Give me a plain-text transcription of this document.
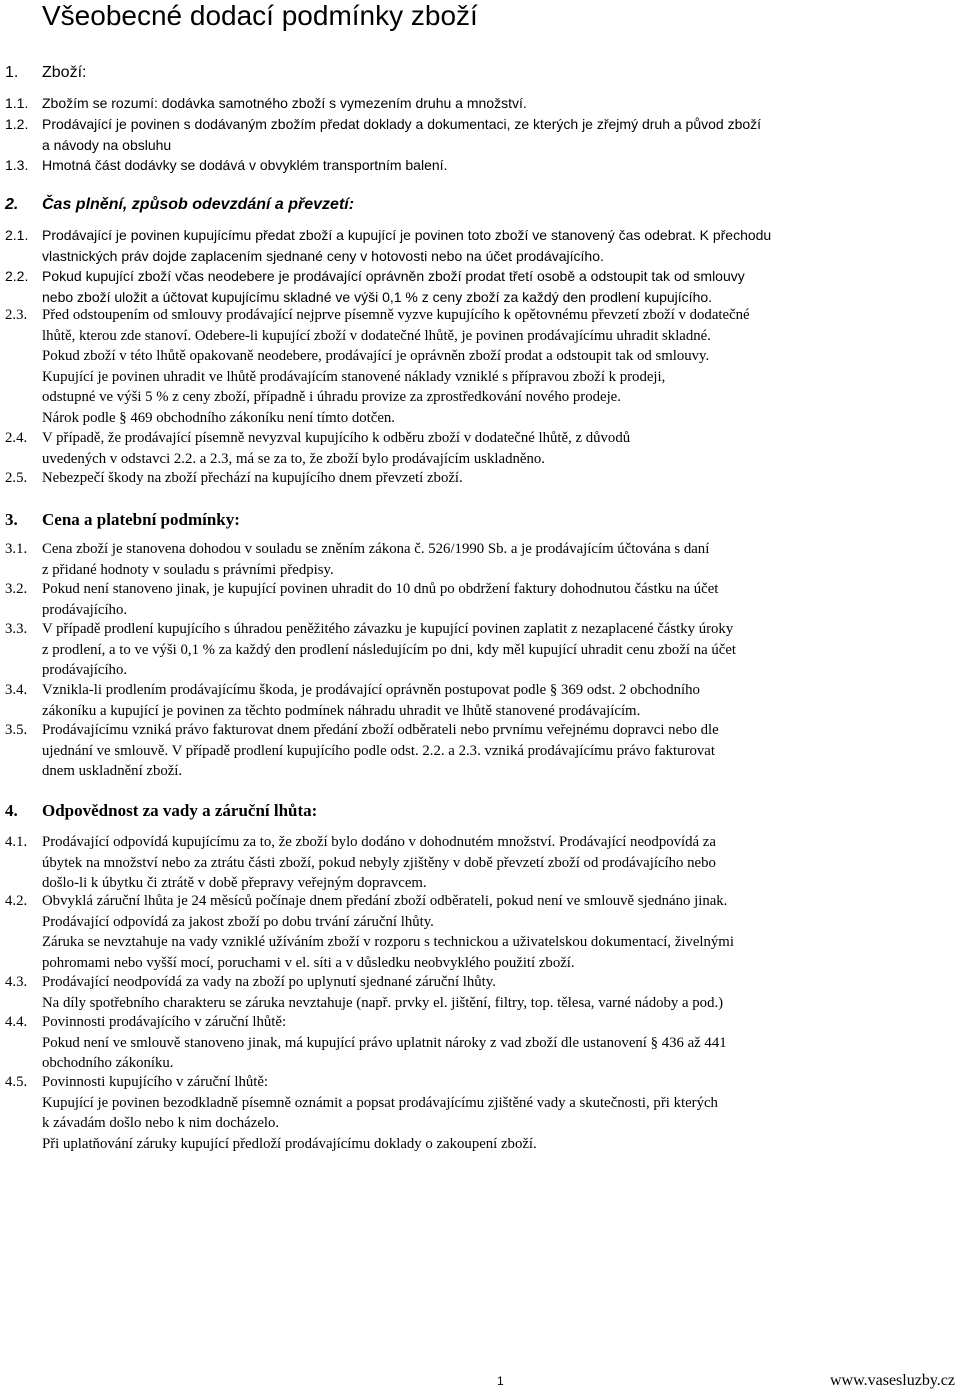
Všeobecné dodací podmínky zboží
1. Zboží:
1.1. Zbožím se rozumí: dodávka samotného zboží s vymezením druhu a množství.
1.2. Prodávající je povinen s dodávaným zbožím předat doklady a dokumentaci, ze kterých je zřejmý druh a původ zboží
a návody na obsluhu
1.3. Hmotná část dodávky se dodává v obvyklém transportním balení.
2. Čas plnění, způsob odevzdání a převzetí:
2.1. Prodávající je povinen kupujícímu předat zboží a kupující je povinen toto zboží ve stanovený čas odebrat. K přechodu
vlastnických práv dojde zaplacením sjednané ceny v hotovosti nebo na účet prodávajícího.
2.2. Pokud kupující zboží včas neodebere je prodávající oprávněn zboží prodat třetí osobě a odstoupit tak od smlouvy
nebo zboží uložit a účtovat kupujícímu skladné ve výši 0,1 % z ceny zboží za každý den prodlení kupujícího.
2.3. Před odstoupením od smlouvy prodávající nejprve písemně vyzve kupujícího k opětovnému převzetí zboží v dodatečné
lhůtě, kterou zde stanoví. Odebere-li kupující zboží v dodatečné lhůtě, je povinen prodávajícímu uhradit skladné.
Pokud zboží v této lhůtě opakovaně neodebere, prodávající je oprávněn zboží prodat a odstoupit tak od smlouvy.
Kupující je povinen uhradit ve lhůtě prodávajícím stanovené náklady vzniklé s přípravou zboží k prodeji,
odstupné ve výši 5 % z ceny zboží, případně i úhradu provize za zprostředkování nového prodeje.
Nárok podle § 469 obchodního zákoníku není tímto dotčen.
2.4. V případě, že prodávající písemně nevyzval kupujícího k odběru zboží v dodatečné lhůtě, z důvodů
uvedených v odstavci 2.2. a 2.3, má se za to, že zboží bylo prodávajícím uskladněno.
2.5. Nebezpečí škody na zboží přechází na kupujícího dnem převzetí zboží.
3. Cena a platební podmínky:
3.1. Cena zboží je stanovena dohodou v souladu se zněním zákona č. 526/1990 Sb. a je prodávajícím účtována s daní
z přidané hodnoty v souladu s právními předpisy.
3.2. Pokud není stanoveno jinak, je kupující povinen uhradit do 10 dnů po obdržení faktury dohodnutou částku na účet
prodávajícího.
3.3. V případě prodlení kupujícího s úhradou peněžitého závazku je kupující povinen zaplatit z nezaplacené částky úroky
z prodlení, a to ve výši 0,1 % za každý den prodlení následujícím po dni, kdy měl kupující uhradit cenu zboží na účet
prodávajícího.
3.4. Vznikla-li prodlením prodávajícímu škoda, je prodávající oprávněn postupovat podle § 369 odst. 2 obchodního
zákoníku a kupující je povinen za těchto podmínek náhradu uhradit ve lhůtě stanovené prodávajícím.
3.5. Prodávajícímu vzniká právo fakturovat dnem předání zboží odběrateli nebo prvnímu veřejnému dopravci nebo dle
ujednání ve smlouvě. V případě prodlení kupujícího podle odst. 2.2. a 2.3. vzniká prodávajícímu právo fakturovat
dnem uskladnění zboží.
4. Odpovědnost za vady a záruční lhůta:
4.1. Prodávající odpovídá kupujícímu za to, že zboží bylo dodáno v dohodnutém množství. Prodávající neodpovídá za
úbytek na množství nebo za ztrátu části zboží, pokud nebyly zjištěny v době převzetí zboží od prodávajícího nebo
došlo-li k úbytku či ztrátě v době přepravy veřejným dopravcem.
4.2. Obvyklá záruční lhůta je 24 měsíců počínaje dnem předání zboží odběrateli, pokud není ve smlouvě sjednáno jinak.
Prodávající odpovídá za jakost zboží po dobu trvání záruční lhůty.
Záruka se nevztahuje na vady vzniklé užíváním zboží v rozporu s technickou a uživatelskou dokumentací, živelnými
pohromami nebo vyšší mocí, poruchami v el. síti a v důsledku neobvyklého použití zboží.
4.3. Prodávající neodpovídá za vady na zboží po uplynutí sjednané záruční lhůty.
Na díly spotřebního charakteru se záruka nevztahuje (např. prvky el. jištění, filtry, top. tělesa, varné nádoby a pod.)
4.4. Povinnosti prodávajícího v záruční lhůtě:
Pokud není ve smlouvě stanoveno jinak, má kupující právo uplatnit nároky z vad zboží dle ustanovení § 436 až 441
obchodního zákoníku.
4.5. Povinnosti kupujícího v záruční lhůtě:
Kupující je povinen bezodkladně písemně oznámit a popsat prodávajícímu zjištěné vady a skutečnosti, při kterých
k závadám došlo nebo k nim docházelo.
Při uplatňování záruky kupující předloží prodávajícímu doklady o zakoupení zboží.
1	www.vasesluzby.cz
